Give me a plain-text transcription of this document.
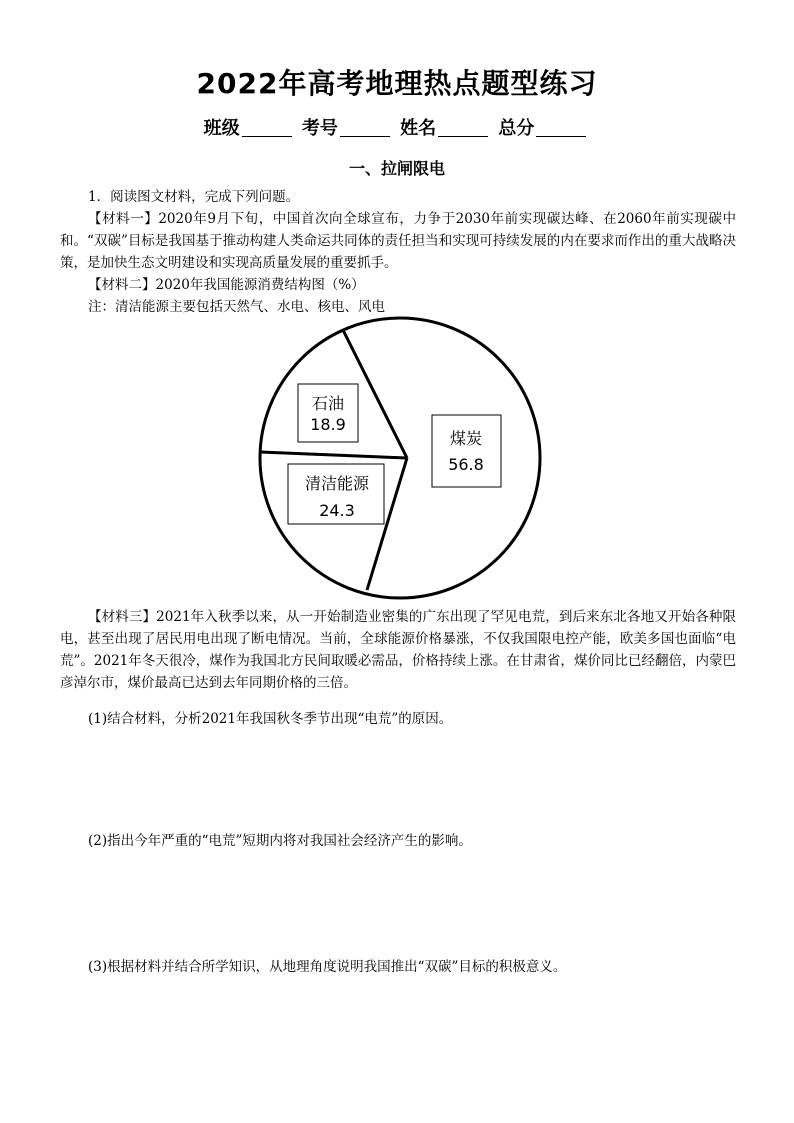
2022年高考地理热点题型练习
班级	考号	姓名	总分
一、拉闸限电
1．阅读图文材料，完成下列问题。
【材料一】2020年9月下旬，中国首次向全球宣布，力争于2030年前实现碳达峰、在2060年前实现碳中和。“双碳”目标是我国基于推动构建人类命运共同体的责任担当和实现可持续发展的内在要求而作出的重大战略决策，是加快生态文明建设和实现高质量发展的重要抓手。
【材料二】2020年我国能源消费结构图（%）
注：清洁能源主要包括天然气、水电、核电、风电
石油
18.9
煤炭
56.8
清洁能源
24.3
【材料三】2021年入秋季以来，从一开始制造业密集的广东出现了罕见电荒，到后来东北各地又开始各种限电，甚至出现了居民用电出现了断电情况。当前，全球能源价格暴涨，不仅我国限电控产能，欧美多国也面临“电荒”。2021年冬天很冷，煤作为我国北方民间取暖必需品，价格持续上涨。在甘肃省，煤价同比已经翻倍，内蒙巴彦淖尔市，煤价最高已达到去年同期价格的三倍。
(1)结合材料，分析2021年我国秋冬季节出现“电荒”的原因。
(2)指出今年严重的“电荒”短期内将对我国社会经济产生的影响。
(3)根据材料并结合所学知识，从地理角度说明我国推出“双碳”目标的积极意义。
